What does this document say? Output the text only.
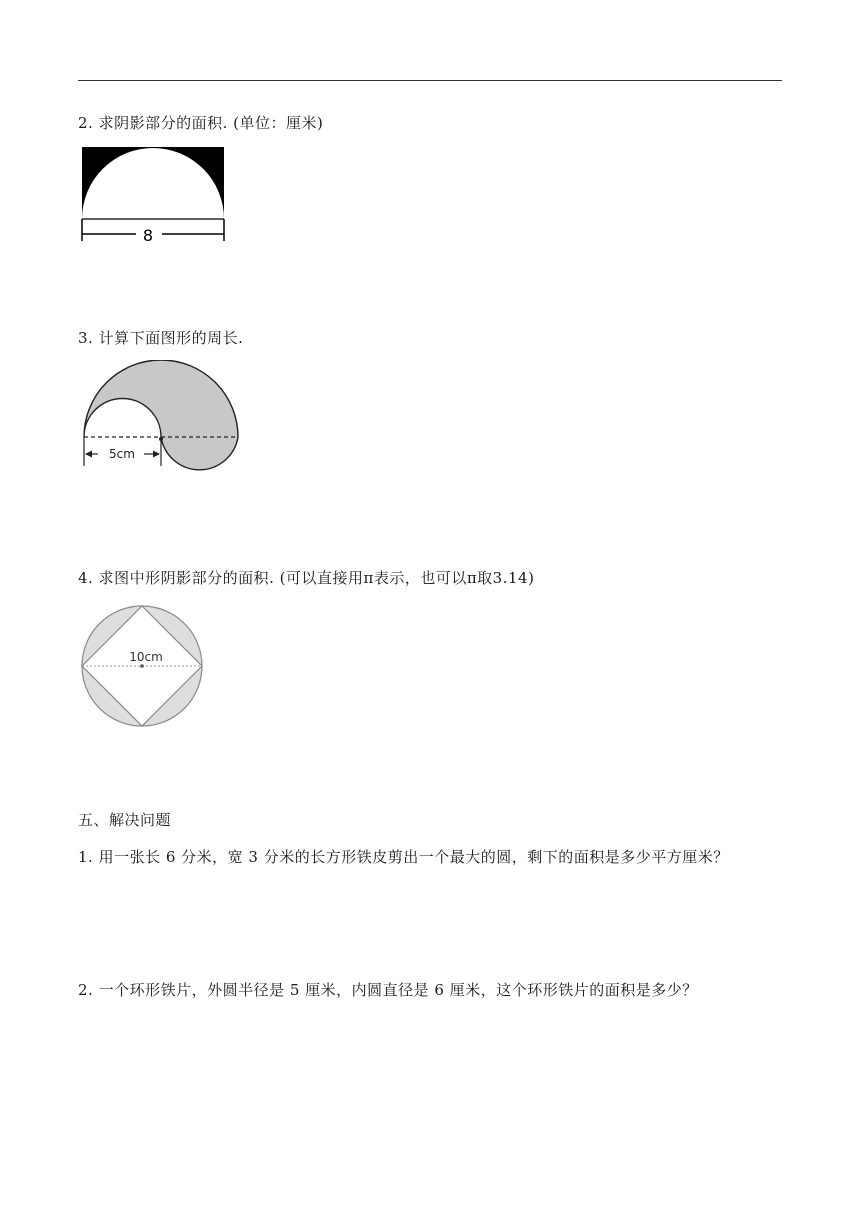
2. 求阴影部分的面积. (单位：厘米)
8
3. 计算下面图形的周长.
5cm
4. 求图中形阴影部分的面积. (可以直接用π表示，也可以π取3.14)
10cm
五、解决问题
1. 用一张长 6 分米，宽 3 分米的长方形铁皮剪出一个最大的圆，剩下的面积是多少平方厘米？
2. 一个环形铁片，外圆半径是 5 厘米，内圆直径是 6 厘米，这个环形铁片的面积是多少？
